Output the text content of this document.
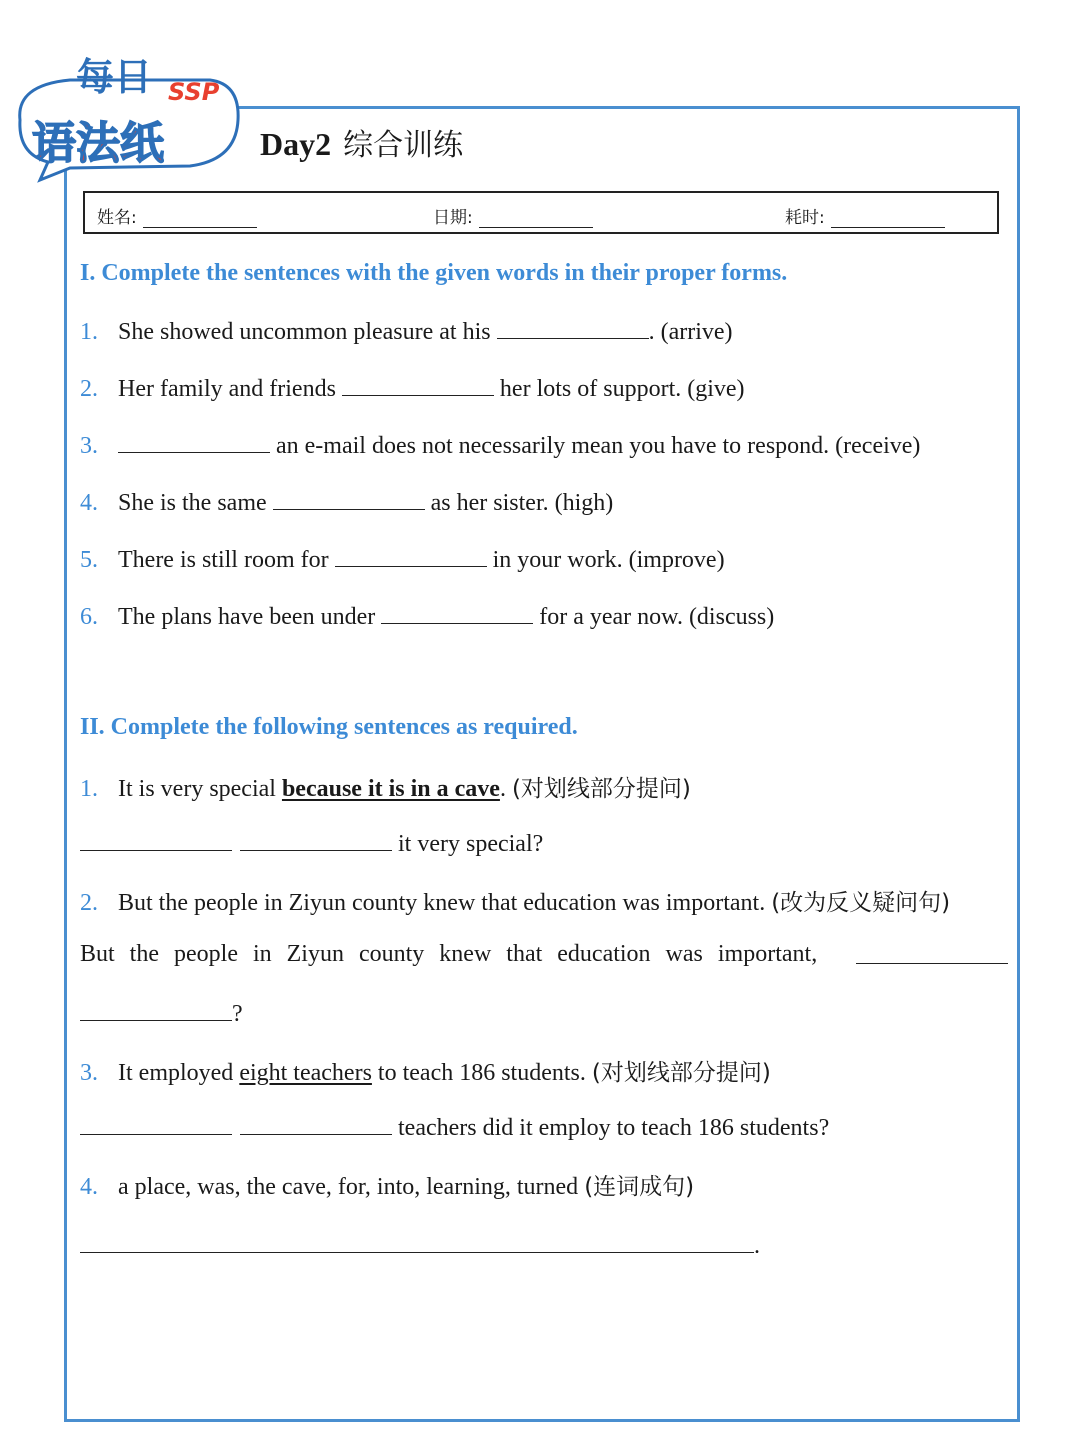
每日 SSP
语法纸	Day2 综合训练
姓名:	日期:	耗时:
I. Complete the sentences with the given words in their proper forms.
1. She showed uncommon pleasure at his	. (arrive)
2. Her family and friends	her lots of support. (give)
3.	an e-mail does not necessarily mean you have to respond. (receive)
4. She is the same	as her sister. (high)
5. There is still room for	in your work. (improve)
6. The plans have been under	for a year now. (discuss)
II. Complete the following sentences as required.
1. It is very special because it is in a cave. (对划线部分提问)
it very special?
2. But the people in Ziyun county knew that education was important. (改为反义疑问句)
But the people in Ziyun county knew that education was important,
?
3. It employed eight teachers to teach 186 students. (对划线部分提问)
teachers did it employ to teach 186 students?
4. a place, was, the cave, for, into, learning, turned (连词成句)
.
